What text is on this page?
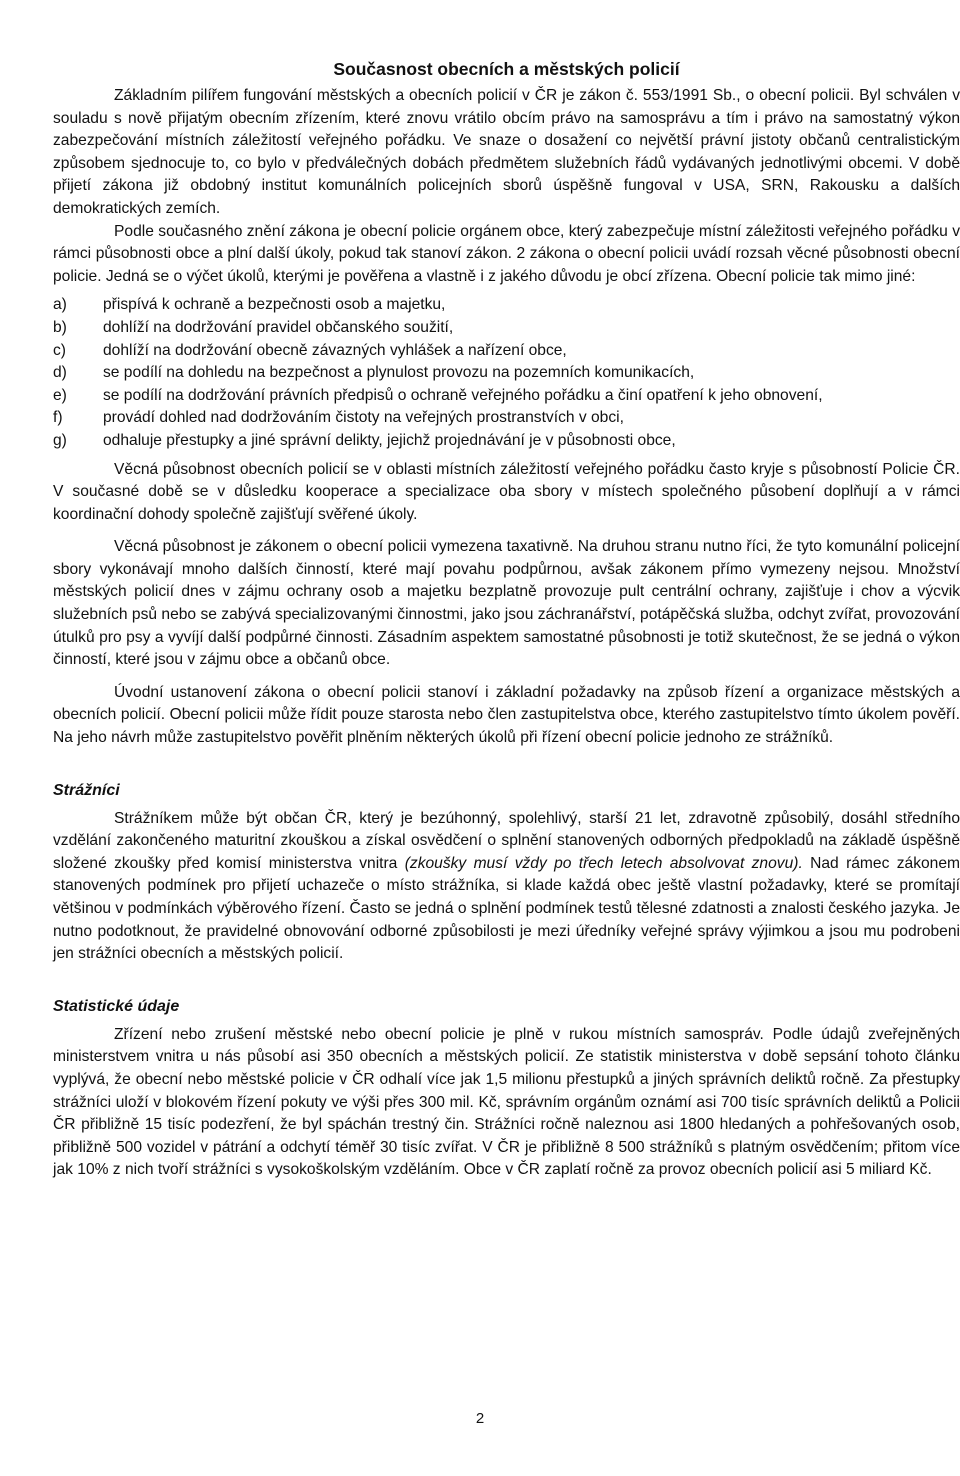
Současnost obecních a městských policií

Základním pilířem fungování městských a obecních policií v ČR je zákon č. 553/1991 Sb., o obecní policii. Byl schválen v souladu s nově přijatým obecním zřízením, které znovu vrátilo obcím právo na samosprávu a tím i právo na samostatný výkon zabezpečování místních záležitostí veřejného pořádku. Ve snaze o dosažení co největší právní jistoty občanů centralistickým způsobem sjednocuje to, co bylo v předválečných dobách předmětem služebních řádů vydávaných jednotlivými obcemi. V době přijetí zákona již obdobný institut komunálních policejních sborů úspěšně fungoval v USA, SRN, Rakousku a dalších demokratických zemích.

Podle současného znění zákona je obecní policie orgánem obce, který zabezpečuje místní záležitosti veřejného pořádku v rámci působnosti obce a plní další úkoly, pokud tak stanoví zákon. 2 zákona o obecní policii uvádí rozsah věcné působnosti obecní policie. Jedná se o výčet úkolů, kterými je pověřena a vlastně i z jakého důvodu je obcí zřízena. Obecní policie tak mimo jiné:

a) přispívá k ochraně a bezpečnosti osob a majetku,
b) dohlíží na dodržování pravidel občanského soužití,
c) dohlíží na dodržování obecně závazných vyhlášek a nařízení obce,
d) se podílí na dohledu na bezpečnost a plynulost provozu na pozemních komunikacích,
e) se podílí na dodržování právních předpisů o ochraně veřejného pořádku a činí opatření k jeho obnovení,
f)	provádí dohled nad dodržováním čistoty na veřejných prostranstvích v obci,
g) odhaluje přestupky a jiné správní delikty, jejichž projednávání je v působnosti obce,

Věcná působnost obecních policií se v oblasti místních záležitostí veřejného pořádku často kryje s působností Policie ČR. V současné době se v důsledku kooperace a specializace oba sbory v místech společného působení doplňují a v rámci koordinační dohody společně zajišťují svěřené úkoly.

Věcná působnost je zákonem o obecní policii vymezena taxativně. Na druhou stranu nutno říci, že tyto komunální policejní sbory vykonávají mnoho dalších činností, které mají povahu podpůrnou, avšak zákonem přímo vymezeny nejsou. Množství městských policií dnes v zájmu ochrany osob a majetku bezplatně provozuje pult centrální ochrany, zajišťuje i chov a výcvik služebních psů nebo se zabývá specializovanými činnostmi, jako jsou záchranářství, potápěčská služba, odchyt zvířat, provozování útulků pro psy a vyvíjí další podpůrné činnosti. Zásadním aspektem samostatné působnosti je totiž skutečnost, že se jedná o výkon činností, které jsou v zájmu obce a občanů obce.

Úvodní ustanovení zákona o obecní policii stanoví i základní požadavky na způsob řízení a organizace městských a obecních policií. Obecní policii může řídit pouze starosta nebo člen zastupitelstva obce, kterého zastupitelstvo tímto úkolem pověří. Na jeho návrh může zastupitelstvo pověřit plněním některých úkolů při řízení obecní policie jednoho ze strážníků.

Strážníci

Strážníkem může být občan ČR, který je bezúhonný, spolehlivý, starší 21 let, zdravotně způsobilý, dosáhl středního vzdělání zakončeného maturitní zkouškou a získal osvědčení o splnění stanovených odborných předpokladů na základě úspěšně složené zkoušky před komisí ministerstva vnitra (zkoušky musí vždy po třech letech absolvovat znovu). Nad rámec zákonem stanovených podmínek pro přijetí uchazeče o místo strážníka, si klade každá obec ještě vlastní požadavky, které se promítají většinou v podmínkách výběrového řízení. Často se jedná o splnění podmínek testů tělesné zdatnosti a znalosti českého jazyka. Je nutno podotknout, že pravidelné obnovování odborné způsobilosti je mezi úředníky veřejné správy výjimkou a jsou mu podrobeni jen strážníci obecních a městských policií.

Statistické údaje

Zřízení nebo zrušení městské nebo obecní policie je plně v rukou místních samospráv. Podle údajů zveřejněných ministerstvem vnitra u nás působí asi 350 obecních a městských policií. Ze statistik ministerstva v době sepsání tohoto článku vyplývá, že obecní nebo městské policie v ČR odhalí více jak 1,5 milionu přestupků a jiných správních deliktů ročně. Za přestupky strážníci uloží v blokovém řízení pokuty ve výši přes 300 mil. Kč, správním orgánům oznámí asi 700 tisíc správních deliktů a Policii ČR přibližně 15 tisíc podezření, že byl spáchán trestný čin. Strážníci ročně naleznou asi 1800 hledaných a pohřešovaných osob, přibližně 500 vozidel v pátrání a odchytí téměř 30 tisíc zvířat. V ČR je přibližně 8 500 strážníků s platným osvědčením; přitom více jak 10% z nich tvoří strážníci s vysokoškolským vzděláním. Obce v ČR zaplatí ročně za provoz obecních policií asi 5 miliard Kč.

2
